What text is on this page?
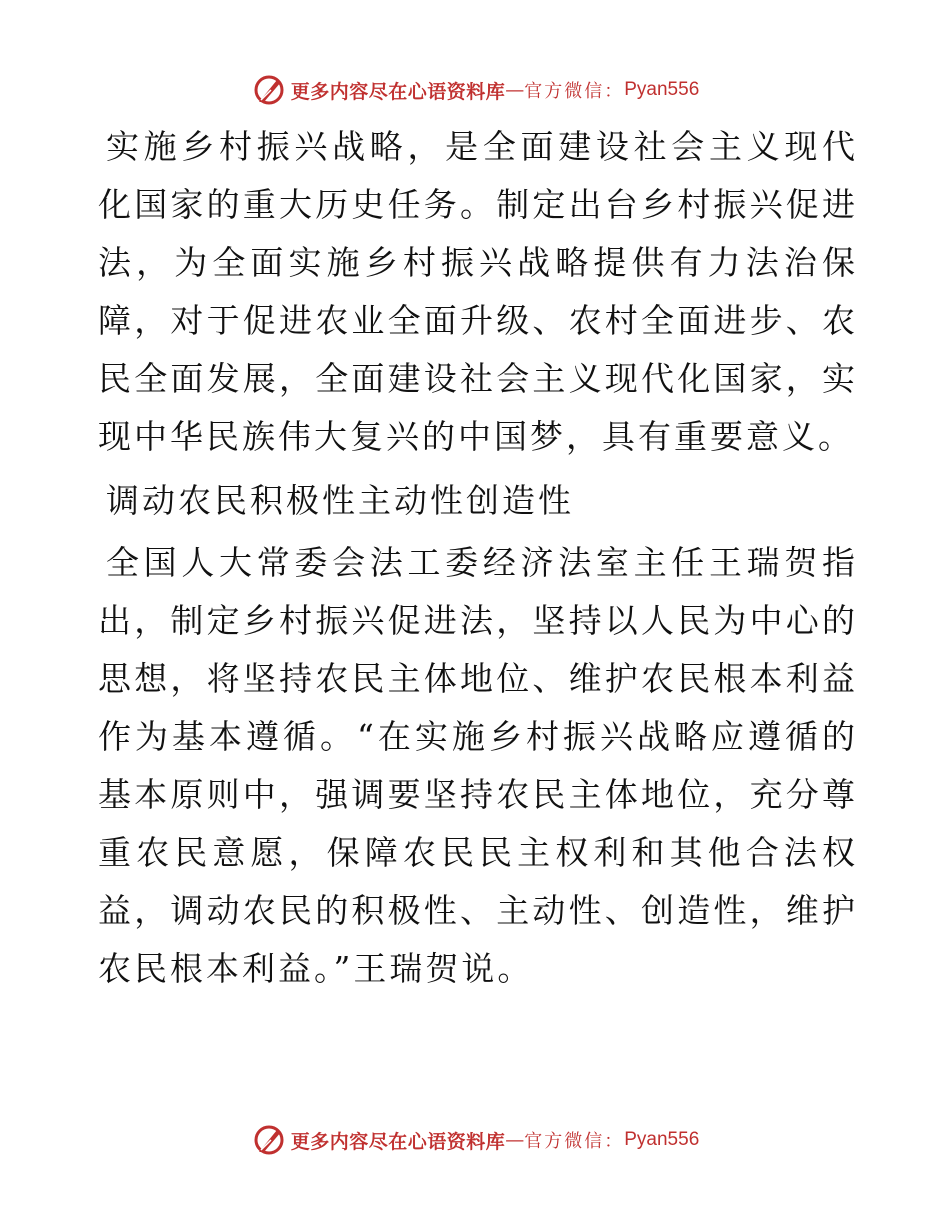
更多内容尽在心语资料库 — 官方微信： Pyan556

实施乡村振兴战略，是全面建设社会主义现代化国家的重大历史任务。制定出台乡村振兴促进法，为全面实施乡村振兴战略提供有力法治保障，对于促进农业全面升级、农村全面进步、农民全面发展，全面建设社会主义现代化国家，实现中华民族伟大复兴的中国梦，具有重要意义。

调动农民积极性主动性创造性

全国人大常委会法工委经济法室主任王瑞贺指出，制定乡村振兴促进法，坚持以人民为中心的思想，将坚持农民主体地位、维护农民根本利益作为基本遵循。“在实施乡村振兴战略应遵循的基本原则中，强调要坚持农民主体地位，充分尊重农民意愿，保障农民民主权利和其他合法权益，调动农民的积极性、主动性、创造性，维护农民根本利益。”王瑞贺说。

更多内容尽在心语资料库 — 官方微信： Pyan556
